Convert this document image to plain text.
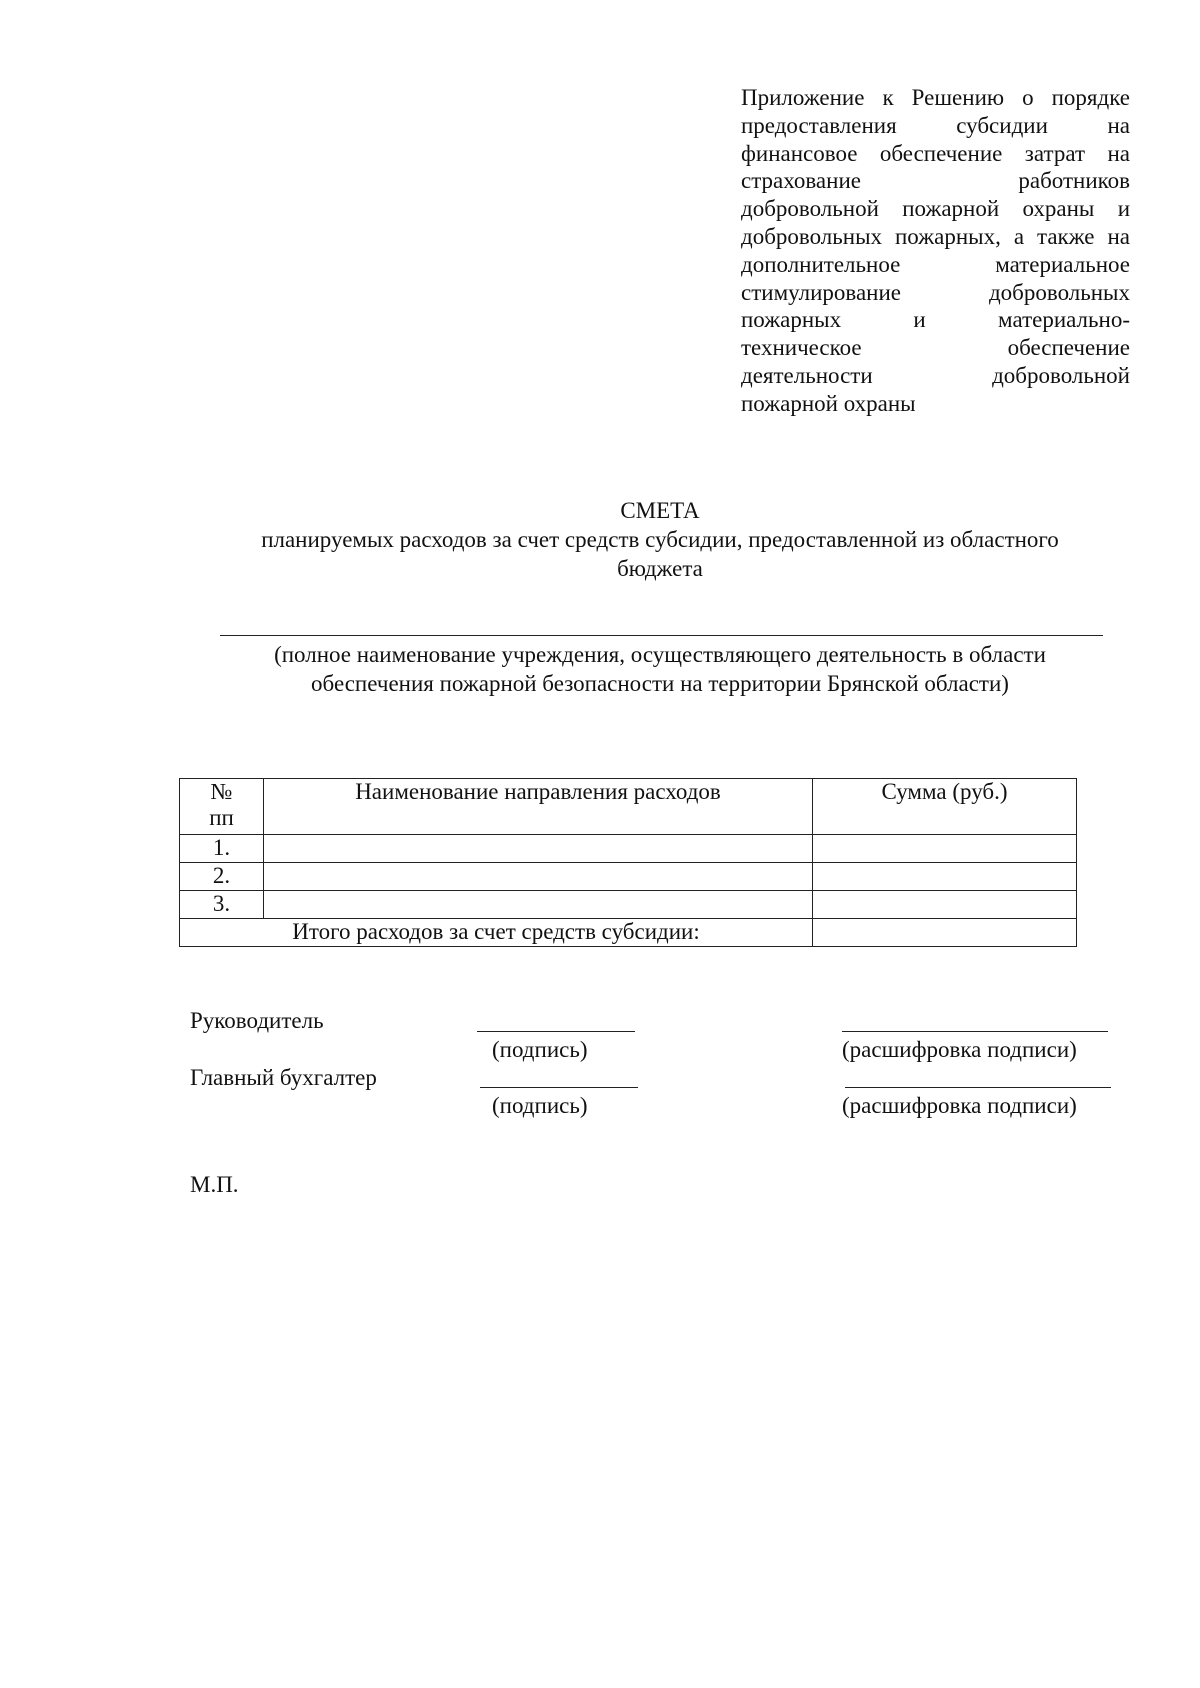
Приложение к Решению о порядке
предоставления субсидии на
финансовое обеспечение затрат на
страхование работников
добровольной пожарной охраны и
добровольных пожарных, а также на
дополнительное материальное
стимулирование добровольных
пожарных и материально-
техническое обеспечение
деятельности добровольной
пожарной охраны
СМЕТА
планируемых расходов за счет средств субсидии, предоставленной из областного
бюджета
(полное наименование учреждения, осуществляющего деятельность в области
обеспечения пожарной безопасности на территории Брянской области)
№
пп	Наименование направления расходов	Сумма (руб.)
1.		
2.		
3.		
Итого расходов за счет средств субсидии:		
Руководитель
(подпись)	(расшифровка подписи)
Главный бухгалтер
(подпись)	(расшифровка подписи)
М.П.
